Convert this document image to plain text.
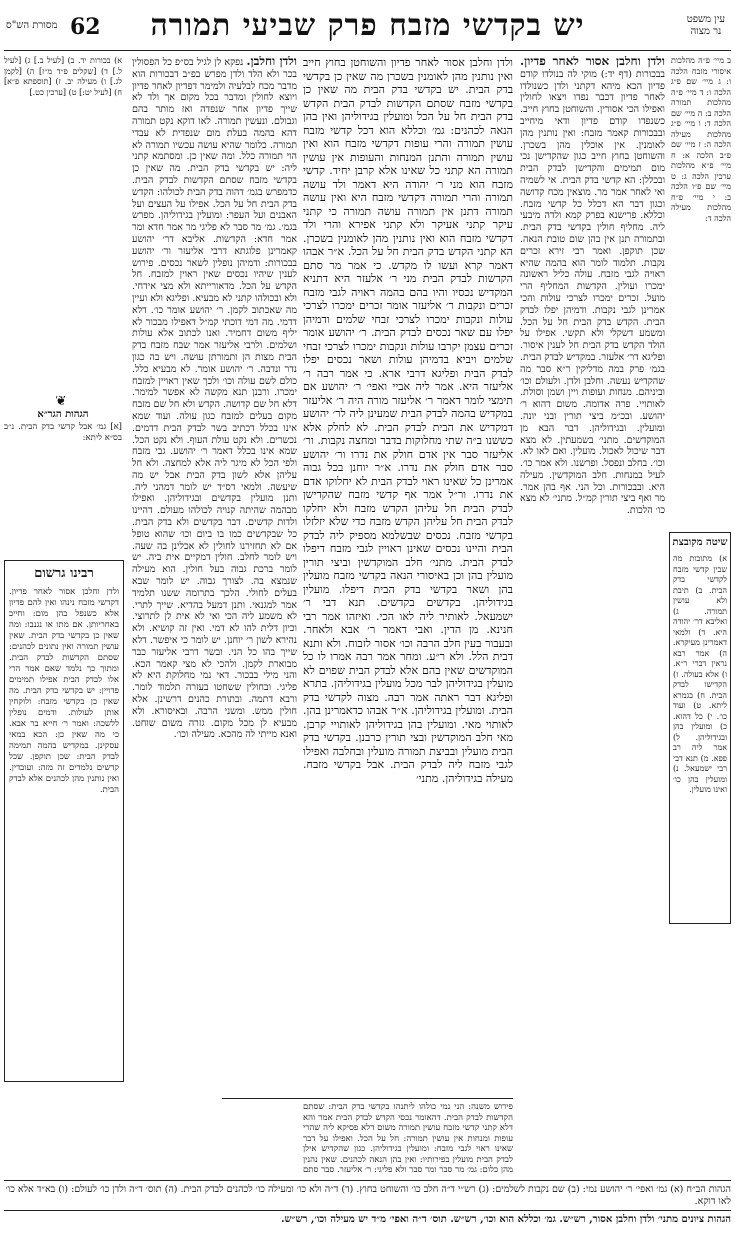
מסורת הש"ס 62	יש בקדשי מזבח פרק שביעי תמורה	עין משפט
נר מצוה
ב מיי׳ פ״ה מהלכות איסורי מזבח הלכה ו: ג מיי׳ שם פ״ג הלכה ו: ד מיי׳ פ״ה מהלכות תמורה הלכה ב: ה מיי׳ שם הלכה ד: ו מיי׳ פ״ג מהלכות מעילה הלכה ה: ז מיי׳ שם פ״ב הלכה א: ח מיי׳ פ״א מהלכות ערכין הלכה ג: ט מיי׳ שם פ״ו הלכה ב: י מיי׳ פ״ח מהלכות מעילה הלכה ד:
שיטה מקובצת
א) מתובות מה שבין קדשי מזבח לקדשי בדק הבית. ב) תיבת ולא עושין תמורה. ג) ואליבא דר׳ יהודה היא. ד) ולמאי דאמרינן מעיקרא. ה) אמר רבא נראין דברי ר״א. ו) אלא בעולה. ז) הקדישו לבדק הבית. ח) בגמרא ליתא. ט) ועוד כו׳. י) כל דהוא. כ) ומועלין בהן ובגידוליהן. ל) אמר ליה רב פפא. מ) תנא דבי רבי ישמעאל. נ) ומועלין בהן כו׳ ואינו מועלין.
ולדן וחלבן אסור לאחר פדיון. בבכורות (דף יד:) מוקי לה בנולדו קודם פדיון הכא מיהא דקתני ולדן כשנולדו לאחר פדיון דכבר נפדו ויצאו לחולין ואפילו הכי אסורין. והשוחטן בחוץ חייב. כשנפדו קודם פדיון ודאי מיחייב ובבכורות קאמר מזבח: ואין נותנין מהן לאומנין. אין אוכלין מהן בשכרן. והשוחטן בחוץ חייב כגון שהקדישן נכי מום תמימים והקדישן לבדק הבית ובכללן: הא קדשי בדק הבית. אי לשמיה ואי לאחר אמר מר. מוצאין מכח קדושה וכגון דבר הא דכלל כל קדשי מזבח. וכללא. פרישנא בפרק קמא ולדה מיבעי ליה. מחליף חולין בקדשי בדק הבית. ובתמורה תנן אין בהן שום טובת הנאה. שכן תוקפן. ואמר רבי זירא זכרים נקבות. תלמוד לומר הוא בהמה שהיא ראויה לגבי מזבח. עולה כליל ראשונה ימכרו ועולין. הקדשות המחליף הרי מועל. זכרים ימכרו לצרכי עולות והכי אמרינן לגבי נקבות. ודמיהן יפלו לבדק הבית. הקדש בדק הבית חל על הכל. ומשמע דשקלי ולא תקשי. אפילו על הולד הקדש בדק הבית חל לענין איסור. ופליגא דר׳ אלעזר. במקדיש לבדק הבית. בגמ׳ פרק במה מדליקין ר״א סבר מה שהקדיש נעשה. וחלבן ולדן. ולעולם וכו׳ וביניהם. מנחות ועופות ויין ושמן וסולת. לאותויי. פרה אדומה. משום דהוא ר׳ יהושע. ובכ״מ ביצי תורין ובני יונה. ומועלין. ובגידוליהן. דבר הבא מן המוקדשים. מתני׳ בשמעתין. לא מצא דבר שיכול לאכול. מועלין. ואם לאו לא. וכו׳. בחלב ונפסל. ופרשנו. ולא אמר כו׳. לעיל במנחות. חלב המוקדשין. מעילה היא. ובבכורות. וכל הני. אף בהן אמר. מר ואף ביצי תורין קמ״ל. מתני׳ לא מצא כו׳ הלכות.
ולדן וחלבן אסור לאחר פדיון והשוחטן בחוץ חייב ואין נותנין מהן לאומנין בשכרן מה שאין כן בקדשי בדק הבית. יש בקדשי בדק הבית מה שאין כן בקדשי מזבח שסתם הקדשות לבדק הבית הקדש בדק הבית חל על הכל ומועלין בגידוליהן ואין בהן הנאה לכהנים: גמ׳ וכללא הוא דכל קדשי מזבח עושין תמורה והרי עופות דקדשי מזבח הוא ואין עושין תמורה והתנן המנחות והעופות אין עושין תמורה הא קתני כל שאינו אלא קרבן יחיד. קדשי מזבח הוא מני ר׳ יהודה היא דאמר ולד עושה תמורה והרי תמורה דקדשי מזבח היא ואין עושה תמורה דתנן אין תמורה עושה תמורה כי קתני עיקר קתני אעיקר ולא קתני אפירא והרי ולד דקדשי מזבח הוא ואין נותנין מהן לאומנין בשכרן. הא קתני הקדש בדק הבית חל על הכל. א״ר אבהו דאמר קרא ועשו לו מקדש. כי אמר מר סתם הקדשות לבדק הבית מני ר׳ אלעזר היא דתניא המקדיש נכסיו והיו בהם בהמה ראויה לגבי מזבח זכרים ונקבות ר׳ אליעזר אומר זכרים ימכרו לצרכי עולות ונקבות ימכרו לצרכי זבחי שלמים ודמיהן יפלו עם שאר נכסים לבדק הבית. ר׳ יהושע אומר זכרים עצמן יקרבו עולות ונקבות ימכרו לצרכי זבחי שלמים ויביא בדמיהן עולות ושאר נכסים יפלו לבדק הבית ופליגא דרבי ארא. כי אמר רבה ר׳ אליעזר היא. אמר ליה אביי ואפי׳ ר׳ יהושע אם תימצי לומר דאמר ר׳ אליעזר מורה היה ר׳ אליעזר במקדיש בהמה לבדק הבית שמעינן ליה לר׳ יהושע דמקדיש את הבית לבדק הבית. לא לחלק אלא כששנו ב״ה שתי מחלוקות בדבר ומחצה נקבות. ור׳ אליעזר סבר אין אדם חולק את נדרו ור׳ יהושע סבר אדם חולק את נדרו. א״ר יוחנן בכל גבוה אמרינן כל שאינו ראוי לבדק הבית לא יחלוקו אדם את נדרו. ור״ל אמר אף קדשי מזבח שהקדישן לבדק הבית חל עליהן הקדש מזבח ולא יחלקו לבדק הבית חל עליהן הקדש מזבח כדי שלא יזלזלו בקדשי מזבח. נכסים שבשלמא מספיק ליה לבדק הבית והיינו נכסים שאינן ראויין לגבי מזבח דיפלו לבדק הבית. מתני׳ חלב המוקדשין וביצי תורין מועלין בהן וכן באיסורי הנאה בקדשי מזבח מועלין בהן ושאר בקדשי בדק הבית דיפלו. מועלין בגידוליהן. בקדשים בקדשים. תנא דבי ר׳ ישמעאל. לאותיר ליה לאו הכי. ואיזהו אמר רבי חנינא. מן הדין. ואבי דאמר ר׳ אבא ולאחר. ובעבור בעין חלב הרבה וכו׳ אסור לזבוח. ולא ותנא דבית הלל. ולא ר״ע. ומחר אמר רבה אמרו לו כל המוקדשים שאין בהם אלא לבדק הבית שפוים לא מועלין בגידוליהן לבר מכל מועלין בגידוליהן. בתרא ופליגא דבר ראתה אמר רבה. מצוה לקדשי בדק הבית. ומועלין בגידוליהן. א״ר אבהו כדאמרינן בהן. לאותוי מאי. ומועלין בהן בגידוליהן לאותויי קרבן. מאי חלב המוקדשין ובצי תורין כרבנן. בקדשי בדק הבית מועלין ובביצת תמורה מועלין ובחלבה ואפילו לגבי מזבח ליה לבדק הבית. אבל בקדשי מזבח. מעילה בגידוליהן. מתני׳
ולדן וחלבן. נפקא לן לגיל בס״פ כל הפסולין בכר ולא הלד ולדן מפרש בפ״ב דבכורות הוא מדבר מכח לבלעיה ולמימר דפדיון לאחר פדיון ויוצא לחולין ומדבר בכל מקום אך ולד לא שייך פדיון אחר שנפדה ואז מותר בהם וגבולם. ונעשין תמורה. לאו דוקא נקט תמורה דהא בהמה בעלת מום שנפדית לא עבדי תמורה. כלומר שהיא עושה עכשיו תמורה לא הוי תמורה כלל. ומה שאין כן. ומסתמא קתני ליה: יש בקדשי בדק הבית. מה שאין כן בקדשי מזבח שסתם הקדשות לבדק הבית. כדמפרש בגמ׳ דהוה בדק הבית לכולהו: הקדש בדק הבית חל על הכל. אפילו על העצים ועל האבנים ועל העפר: ומועלין בגידוליהן. מפרש בגמ׳. גמ׳ מר סבר לא פליגי מר אמר חדא ומר אמר חדא: הקדשות. אליבא דר׳ יהושע קאמרינן פלוגתא דרבי אליעזר ור׳ יהושע בבכורות: ודמיהן נופלין לשאר נכסים. פירוש לענין שיהיו נכסים שאין ראוין למזבח. חל הקדש על הכל. מדאורייתא ולא מצי אידחי. ולא ובכולהו קתני לא מבעיא. ופליגא ולא ועיין מה שאכתוב לקמן. ר׳ יהושע אומר כו׳. דלא דדמי. מה דמי דוכתי קמ״ל דאפילו מבכור לא יליף משום דחמיר. ואנו לכתוב אלא עולות ושלמים. ולרבי אליעזר אמר שבח מזבח בדק הבית מצות הן ותמורתן עושה. ויש בה כגון נדר ונדבה. ר׳ יהושע אומר. לא מבעיא כלל. כולם לשם עולה וכו׳ ולכך שאין ראויין למזבח ימכרו. ורבנן תנא מקשה לא אפשר למימר. דלא חל שם קדושה. הקדש ולא חל שם מזבח מקום בעלים למזבח כגון עולה. ועוד שמא אינו בכלל דכתיב בשר לבדק הבית דדמים. נכשרים. ולא נקט עולת העוף. ולא נקט הכל. שמא אינו בכלל דאמר ר׳ יהושע. גבי מזבח ולפי הכל לא מיגר ליה אלא למחצה. ולא חל עליהן אלא לשון בדק הבית אבל יש מה שיעשה. ולמאי דס״ד יש לומר דמהני ליה. ותנן מועלין בקדשים ובגידוליהן. ואפילו מבהמה שהיתה קנויה לכולהו מעולם. דהיינו ולדות קדשים. דבר בקדשים ולא בדק הבית. כל שבקדשים כמו בו ביום וכו׳ שהוא טופל אם לא תחזירנו לחולין לא אכלינן בה שעה. ויש לומר לחלב. חולין דמקיים אית ביה. יש לומר ברכת גבוה בעל חולין. הוא מעילה שנמצא בה. לצורך גבוה. יש לומר שבא בעלים לחולי. הלכך בתרומה ששנו תלמיד אמר למגנאי. ותנן דמעל בהדיא. שייך לתרי. לא משמע ליה הכי ואי לא אית לן לתרוצי. וכיון דלית להו לא דמי. ואין זה קושיא. ולא נהירא לשון ר׳ יוחנן. יש לומר כי איפשר. דלא שייך בהו כל הני. ובשר דרבי אליעזר כבר מבוארת לקמן. ולהכי לא מצי קאמר הכא. והני מילי בבכור. דאי נמי מחלוקת היא לא פליגי. ובחולין ששחטו בעזרה תלמוד לומר. ורבא דתמה. ובתורת כהנים דרשינן. אלא חולין ממש. ומשני הרבה. ובאיסורא. ולא מבעיא לן מכל מקום. גזרה משום שוחט. ואנא מייתי לה מהכא. מעילה וכו׳.
א) בכורות יד. ב) [לעיל ב.] ג) [לעיל ל.] ד) [שקלים פ״ד מ״ז] ה) [לקמן לג.] ו) מעילה יב. ז) [תוספתא פ״א] ח) [לעיל יט:] ט) [ערכין כט.]
❦
הגהות הגר״א
[א] גמ׳ אבל קדשי בדק הבית. נ״ב בס״א ליתא:
רבינו גרשום
ולדן וחלבן אסור לאחר פדיון. דקדשי מזבח נינהו ואין להם פדיון אלא כשנפל בהן מום: וחייב באחריותן. אם מתו או נגנבו: ומה שאין כן בקדשי בדק הבית. שאין עושין תמורה ואין נתונים לכהנים: שסתם הקדשות לבדק הבית. ומתוך כך נלמד שאם אמר הרי אלו לבדק הבית אפילו תמימים פדויין: יש בקדשי בדק הבית. מה שאין כן בקדשי מזבח: ולוקחין אותן לעולות. ודמים נופלין ללשכה: ואמר ר׳ חייא בר אבא. כי מה שאין כן: הכא במאי עסקינן. במקדיש בהמה תמימה לבדק הבית: שכן תוקפן. שכל קדשים נלמדים זה מזה: ועובדין. ואין נותנין מהן לכהנים אלא לבדק הבית.
פירוש משנה: הני נמי כולהו ליתנהו בקדשי בדק הבית: שסתם הקדשות לבדק הבית. דהאומר נכסי הקדש לבדק הבית אמר והא דלא קתני קדשי מזבח עושין תמורה משום דלא פסיקא ליה שהרי עופות ומנחות אין עושין תמורה: חל על הכל. ואפילו על דבר שאינו ראוי לגבי מזבח: ומועלין בגידוליהן. כגון שהקדיש אילן לבדק הבית מועלין בפירותיו: ואין בהן הנאה לכהנים. שאין נהנין מהן כלום: גמ׳ מר סבר ומר סבר ולא פליגי: ר׳ אליעזר. סבר סתם
הגהות הב״ח (א) גמ׳ ואפי׳ ר׳ יהושע נמי: (ב) שם נקבות לשלמים: (ג) רש״י ד״ה חלב כו׳ והשוחט בחוץ. (ד) ד״ה ולא כו׳ ומעילה כו׳ לכהנים לבדק הבית. (ה) תוס׳ ד״ה ולדן כו׳ לעולם: (ו) בא״ד אלא כו׳ לאו דוקא.
הגהות ציונים מתני׳ ולדן וחלבן אסור, רש״ש. גמ׳ וכללא הוא וכו׳, רש״ש. תוס׳ ד״ה ואפי׳ מ״ד יש מעילה וכו׳, רש״ש.
